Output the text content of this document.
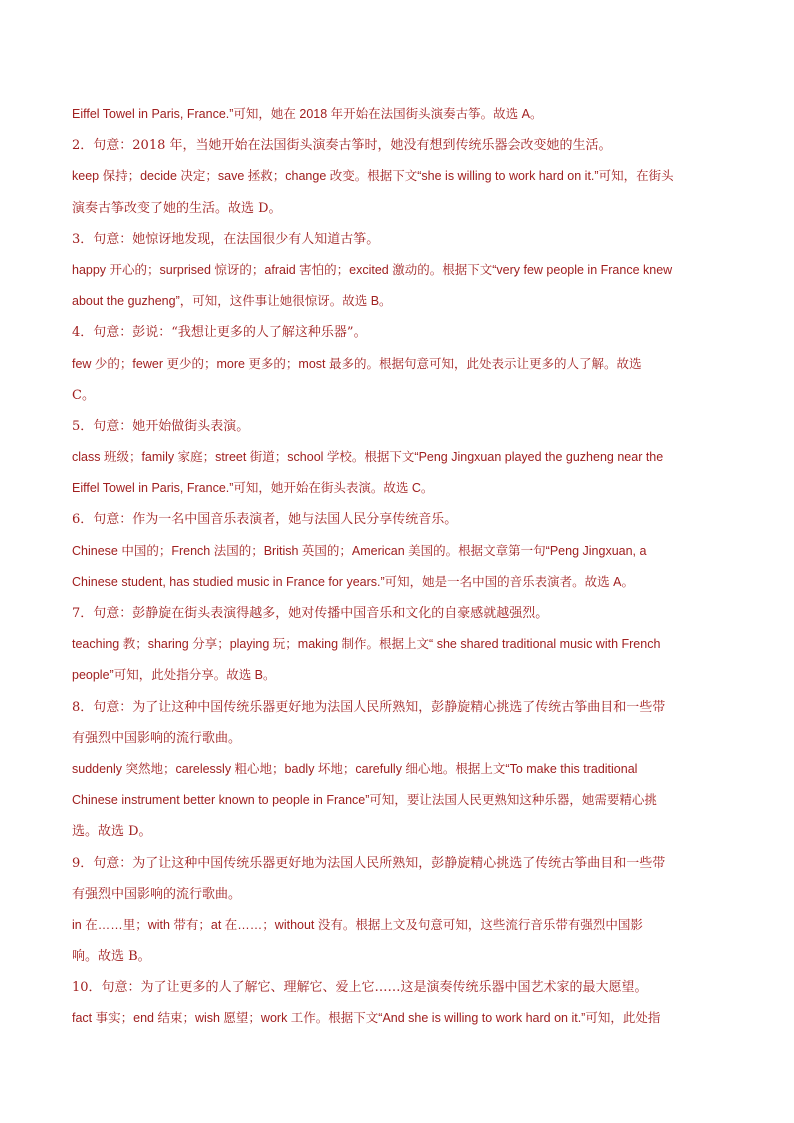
Eiffel Towel in Paris, France.”可知，她在 2018 年开始在法国街头演奏古筝。故选 A。
2．句意：2018 年，当她开始在法国街头演奏古筝时，她没有想到传统乐器会改变她的生活。
keep 保持；decide 决定；save 拯救；change 改变。根据下文“she is willing to work hard on it.”可知，在街头
演奏古筝改变了她的生活。故选 D。
3．句意：她惊讶地发现，在法国很少有人知道古筝。
happy 开心的；surprised 惊讶的；afraid 害怕的；excited 激动的。根据下文“very few people in France knew
about the guzheng”，可知，这件事让她很惊讶。故选 B。
4．句意：彭说：“我想让更多的人了解这种乐器”。
few 少的；fewer 更少的；more 更多的；most 最多的。根据句意可知，此处表示让更多的人了解。故选
C。
5．句意：她开始做街头表演。
class 班级；family 家庭；street 街道；school 学校。根据下文“Peng Jingxuan played the guzheng near the
Eiffel Towel in Paris, France.”可知，她开始在街头表演。故选 C。
6．句意：作为一名中国音乐表演者，她与法国人民分享传统音乐。
Chinese 中国的；French 法国的；British 英国的；American 美国的。根据文章第一句“Peng Jingxuan, a
Chinese student, has studied music in France for years.”可知，她是一名中国的音乐表演者。故选 A。
7．句意：彭静旋在街头表演得越多，她对传播中国音乐和文化的自豪感就越强烈。
teaching 教；sharing 分享；playing 玩；making 制作。根据上文“ she shared traditional music with French
people”可知，此处指分享。故选 B。
8．句意：为了让这种中国传统乐器更好地为法国人民所熟知，彭静旋精心挑选了传统古筝曲目和一些带
有强烈中国影响的流行歌曲。
suddenly 突然地；carelessly 粗心地；badly 坏地；carefully 细心地。根据上文“To make this traditional
Chinese instrument better known to people in France”可知，要让法国人民更熟知这种乐器，她需要精心挑
选。故选 D。
9．句意：为了让这种中国传统乐器更好地为法国人民所熟知，彭静旋精心挑选了传统古筝曲目和一些带
有强烈中国影响的流行歌曲。
in 在……里；with 带有；at 在……；without 没有。根据上文及句意可知，这些流行音乐带有强烈中国影
响。故选 B。
10．句意：为了让更多的人了解它、理解它、爱上它……这是演奏传统乐器中国艺术家的最大愿望。
fact 事实；end 结束；wish 愿望；work 工作。根据下文“And she is willing to work hard on it.”可知，此处指
